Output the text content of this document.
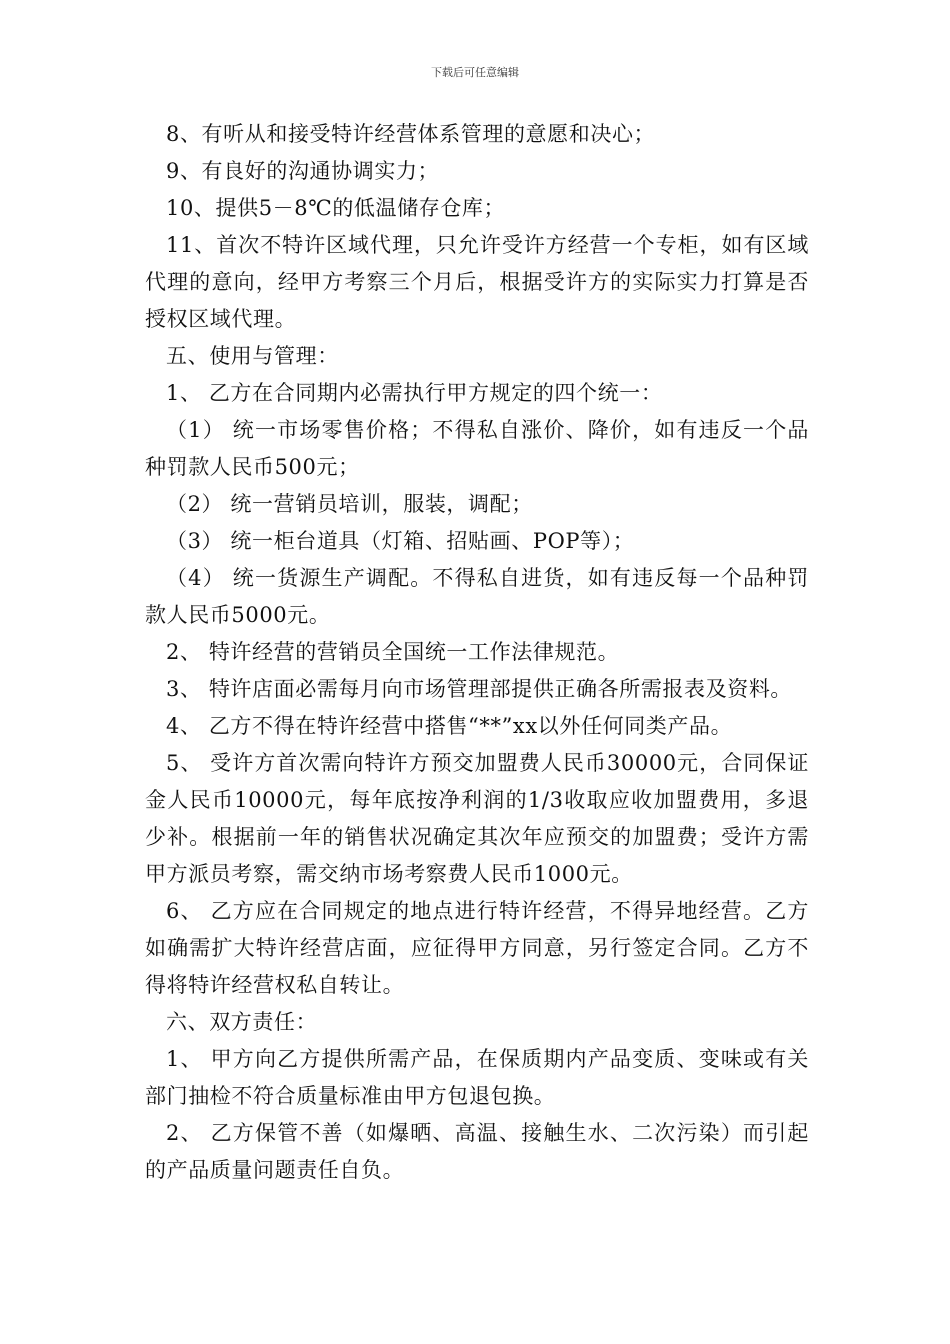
下载后可任意编辑

8、有听从和接受特许经营体系管理的意愿和决心；

9、有良好的沟通协调实力；

10、提供5－8℃的低温储存仓库；

11、首次不特许区域代理，只允许受许方经营一个专柜，如有区域代理的意向，经甲方考察三个月后，根据受许方的实际实力打算是否授权区域代理。

五、使用与管理：

1、 乙方在合同期内必需执行甲方规定的四个统一：

（1） 统一市场零售价格；不得私自涨价、降价，如有违反一个品种罚款人民币500元；

（2） 统一营销员培训，服装，调配；

（3） 统一柜台道具（灯箱、招贴画、POP等）；

（4） 统一货源生产调配。不得私自进货，如有违反每一个品种罚款人民币5000元。

2、 特许经营的营销员全国统一工作法律规范。

3、 特许店面必需每月向市场管理部提供正确各所需报表及资料。

4、 乙方不得在特许经营中搭售“**”xx以外任何同类产品。

5、 受许方首次需向特许方预交加盟费人民币30000元，合同保证金人民币10000元，每年底按净利润的1/3收取应收加盟费用，多退少补。根据前一年的销售状况确定其次年应预交的加盟费；受许方需甲方派员考察，需交纳市场考察费人民币1000元。

6、 乙方应在合同规定的地点进行特许经营，不得异地经营。乙方如确需扩大特许经营店面，应征得甲方同意，另行签定合同。乙方不得将特许经营权私自转让。

六、双方责任：

1、 甲方向乙方提供所需产品，在保质期内产品变质、变味或有关部门抽检不符合质量标准由甲方包退包换。

2、 乙方保管不善（如爆晒、高温、接触生水、二次污染）而引起的产品质量问题责任自负。
